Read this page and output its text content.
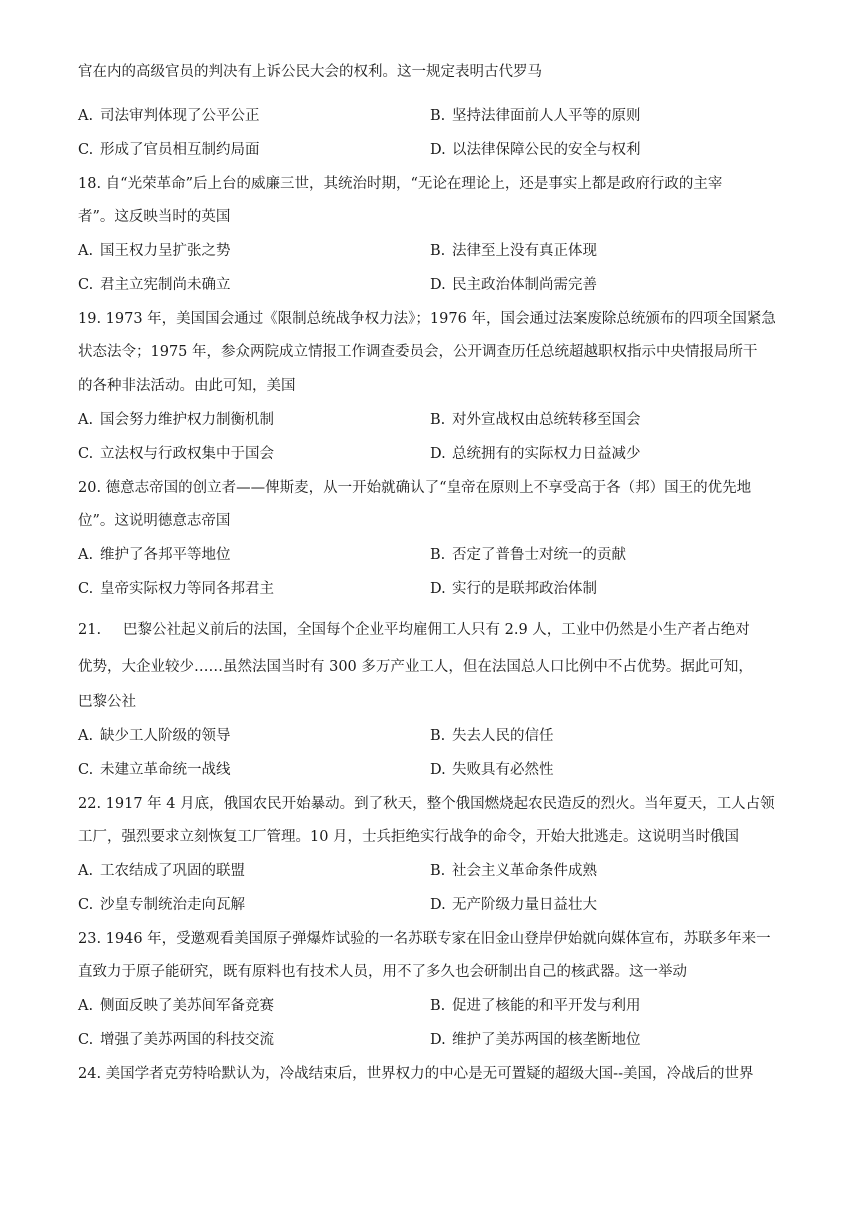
官在内的高级官员的判决有上诉公民大会的权利。这一规定表明古代罗马
A. 司法审判体现了公平公正	B. 坚持法律面前人人平等的原则
C. 形成了官员相互制约局面	D. 以法律保障公民的安全与权利
18. 自“光荣革命”后上台的威廉三世，其统治时期，“无论在理论上，还是事实上都是政府行政的主宰
者”。这反映当时的英国
A. 国王权力呈扩张之势	B. 法律至上没有真正体现
C. 君主立宪制尚未确立	D. 民主政治体制尚需完善
19. 1973 年，美国国会通过《限制总统战争权力法》；1976 年，国会通过法案废除总统颁布的四项全国紧急
状态法令；1975 年，参众两院成立情报工作调查委员会，公开调查历任总统超越职权指示中央情报局所干
的各种非法活动。由此可知，美国
A. 国会努力维护权力制衡机制	B. 对外宣战权由总统转移至国会
C. 立法权与行政权集中于国会	D. 总统拥有的实际权力日益减少
20. 德意志帝国的创立者——俾斯麦，从一开始就确认了“皇帝在原则上不享受高于各（邦）国王的优先地
位”。这说明德意志帝国
A. 维护了各邦平等地位	B. 否定了普鲁士对统一的贡献
C. 皇帝实际权力等同各邦君主	D. 实行的是联邦政治体制
21. 巴黎公社起义前后的法国，全国每个企业平均雇佣工人只有 2.9 人，工业中仍然是小生产者占绝对
优势，大企业较少……虽然法国当时有 300 多万产业工人，但在法国总人口比例中不占优势。据此可知，
巴黎公社
A. 缺少工人阶级的领导	B. 失去人民的信任
C. 未建立革命统一战线	D. 失败具有必然性
22. 1917 年 4 月底，俄国农民开始暴动。到了秋天，整个俄国燃烧起农民造反的烈火。当年夏天，工人占领
工厂，强烈要求立刻恢复工厂管理。10 月，士兵拒绝实行战争的命令，开始大批逃走。这说明当时俄国
A. 工农结成了巩固的联盟	B. 社会主义革命条件成熟
C. 沙皇专制统治走向瓦解	D. 无产阶级力量日益壮大
23. 1946 年，受邀观看美国原子弹爆炸试验的一名苏联专家在旧金山登岸伊始就向媒体宣布，苏联多年来一
直致力于原子能研究，既有原料也有技术人员，用不了多久也会研制出自己的核武器。这一举动
A. 侧面反映了美苏间军备竞赛	B. 促进了核能的和平开发与利用
C. 增强了美苏两国的科技交流	D. 维护了美苏两国的核垄断地位
24. 美国学者克劳特哈默认为，冷战结束后，世界权力的中心是无可置疑的超级大国--美国，冷战后的世界
